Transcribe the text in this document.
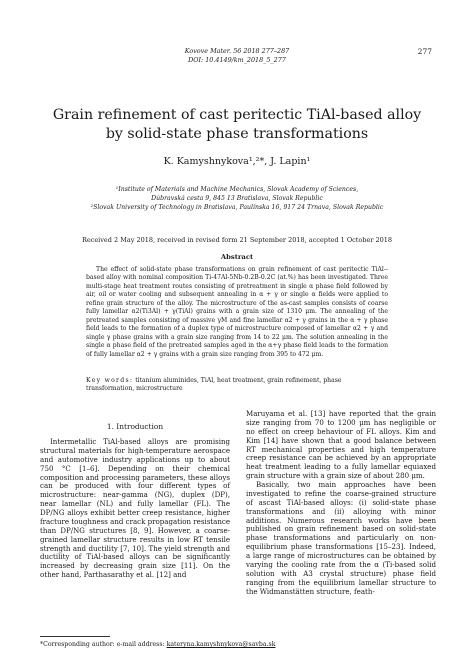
Kovove Mater. 56 2018 277–287
DOI: 10.4149/km_2018_5_277
277
Grain refinement of cast peritectic TiAl-based alloy
by solid-state phase transformations
K. Kamyshnykova¹,²*, J. Lapin¹
¹Institute of Materials and Machine Mechanics, Slovak Academy of Sciences,
Dúbravská cesta 9, 845 13 Bratislava, Slovak Republic
²Slovak University of Technology in Bratislava, Paulínska 16, 917 24 Trnava, Slovak Republic
Received 2 May 2018, received in revised form 21 September 2018, accepted 1 October 2018
Abstract
The effect of solid-state phase transformations on grain refinement of cast peritectic TiAl--based alloy with nominal composition Ti-47Al-5Nb-0.2B-0.2C (at.%) has been investigated. Three multi-stage heat treatment routes consisting of pretreatment in single α phase field followed by air, oil or water cooling and subsequent annealing in α + γ or single α fields were applied to refine grain structure of the alloy. The microstructure of the as-cast samples consists of coarse fully lamellar α2(Ti3Al) + γ(TiAl) grains with a grain size of 1310 μm. The annealing of the pretreated samples consisting of massive γM and fine lamellar α2 + γ grains in the α + γ phase field leads to the formation of a duplex type of microstructure composed of lamellar α2 + γ and single γ phase grains with a grain size ranging from 14 to 22 μm. The solution annealing in the single α phase field of the pretreated samples aged in the α+γ phase field leads to the formation of fully lamellar α2 + γ grains with a grain size ranging from 395 to 472 μm.
Key words: titanium aluminides, TiAl, heat treatment, grain refinement, phase transformation, microstructure
1. Introduction

Intermetallic TiAl-based alloys are promising structural materials for high-temperature aerospace and automotive industry applications up to about 750 °C [1–6]. Depending on their chemical composition and processing parameters, these alloys can be produced with four different types of microstructure: near-gamma (NG), duplex (DP), near lamellar (NL) and fully lamellar (FL). The DP/NG alloys exhibit better creep resistance, higher fracture toughness and crack propagation resistance than DP/NG structures [8, 9]. However, a coarse-grained lamellar structure results in low RT tensile strength and ductility [7, 10]. The yield strength and ductility of TiAl-based alloys can be significantly increased by decreasing grain size [11]. On the other hand, Parthasarathy et al. [12] and

Maruyama et al. [13] have reported that the grain size ranging from 70 to 1200 μm has negligible or no effect on creep behaviour of FL alloys. Kim and Kim [14] have shown that a good balance between RT mechanical properties and high temperature creep resistance can be achieved by an appropriate heat treatment leading to a fully lamellar equiaxed grain structure with a grain size of about 280 μm.

Basically, two main approaches have been investigated to refine the coarse-grained structure of ascast TiAl-based alloys: (i) solid-state phase transformations and (ii) alloying with minor additions. Numerous research works have been published on grain refinement based on solid-state phase transformations and particularly on non-equilibrium phase transformations [15–23]. Indeed, a large range of microstructures can be obtained by varying the cooling rate from the α (Ti-based solid solution with A3 crystal structure) phase field ranging from the equilibrium lamellar structure to the Widmanstätten structure, feath-

*Corresponding author: e-mail address: kateryna.kamyshnykova@savba.sk
